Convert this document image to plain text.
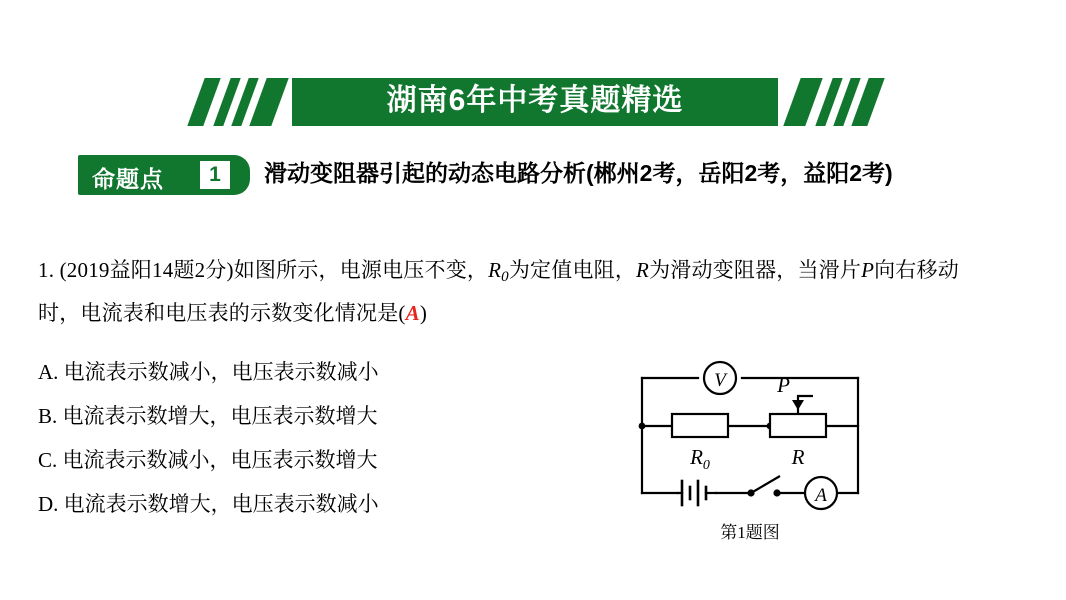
湖南6年中考真题精选
命题点	1	滑动变阻器引起的动态电路分析(郴州2考，岳阳2考，益阳2考)
1. (2019益阳14题2分)如图所示，电源电压不变，$R_0$为定值电阻，R为滑动变阻器，当滑片P向右移动时，电流表和电压表的示数变化情况是(A)
A. 电流表示数减小，电压表示数减小
B. 电流表示数增大，电压表示数增大
C. 电流表示数减小，电压表示数增大
D. 电流表示数增大，电压表示数减小
V
A
$R_0$	R
P
第1题图
